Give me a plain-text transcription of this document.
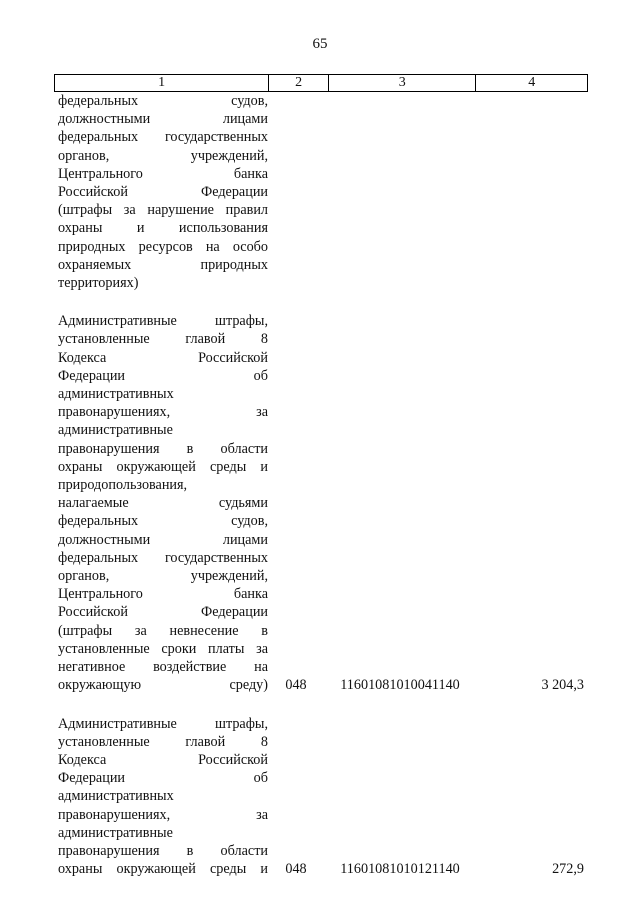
65
1	2	3	4
федеральных судов,
должностными лицами
федеральных государственных
органов, учреждений,
Центрального банка
Российской Федерации
(штрафы за нарушение правил
охраны и использования
природных ресурсов на особо
охраняемых природных
территориях)
Административные штрафы,
установленные главой 8
Кодекса Российской
Федерации об
административных
правонарушениях, за
административные
правонарушения в области
охраны окружающей среды и
природопользования,
налагаемые судьями
федеральных судов,
должностными лицами
федеральных государственных
органов, учреждений,
Центрального банка
Российской Федерации
(штрафы за невнесение в
установленные сроки платы за
негативное воздействие на
окружающую среду)	048	11601081010041140	3 204,3
Административные штрафы,
установленные главой 8
Кодекса Российской
Федерации об
административных
правонарушениях, за
административные
правонарушения в области
охраны окружающей среды и	048	11601081010121140	272,9
